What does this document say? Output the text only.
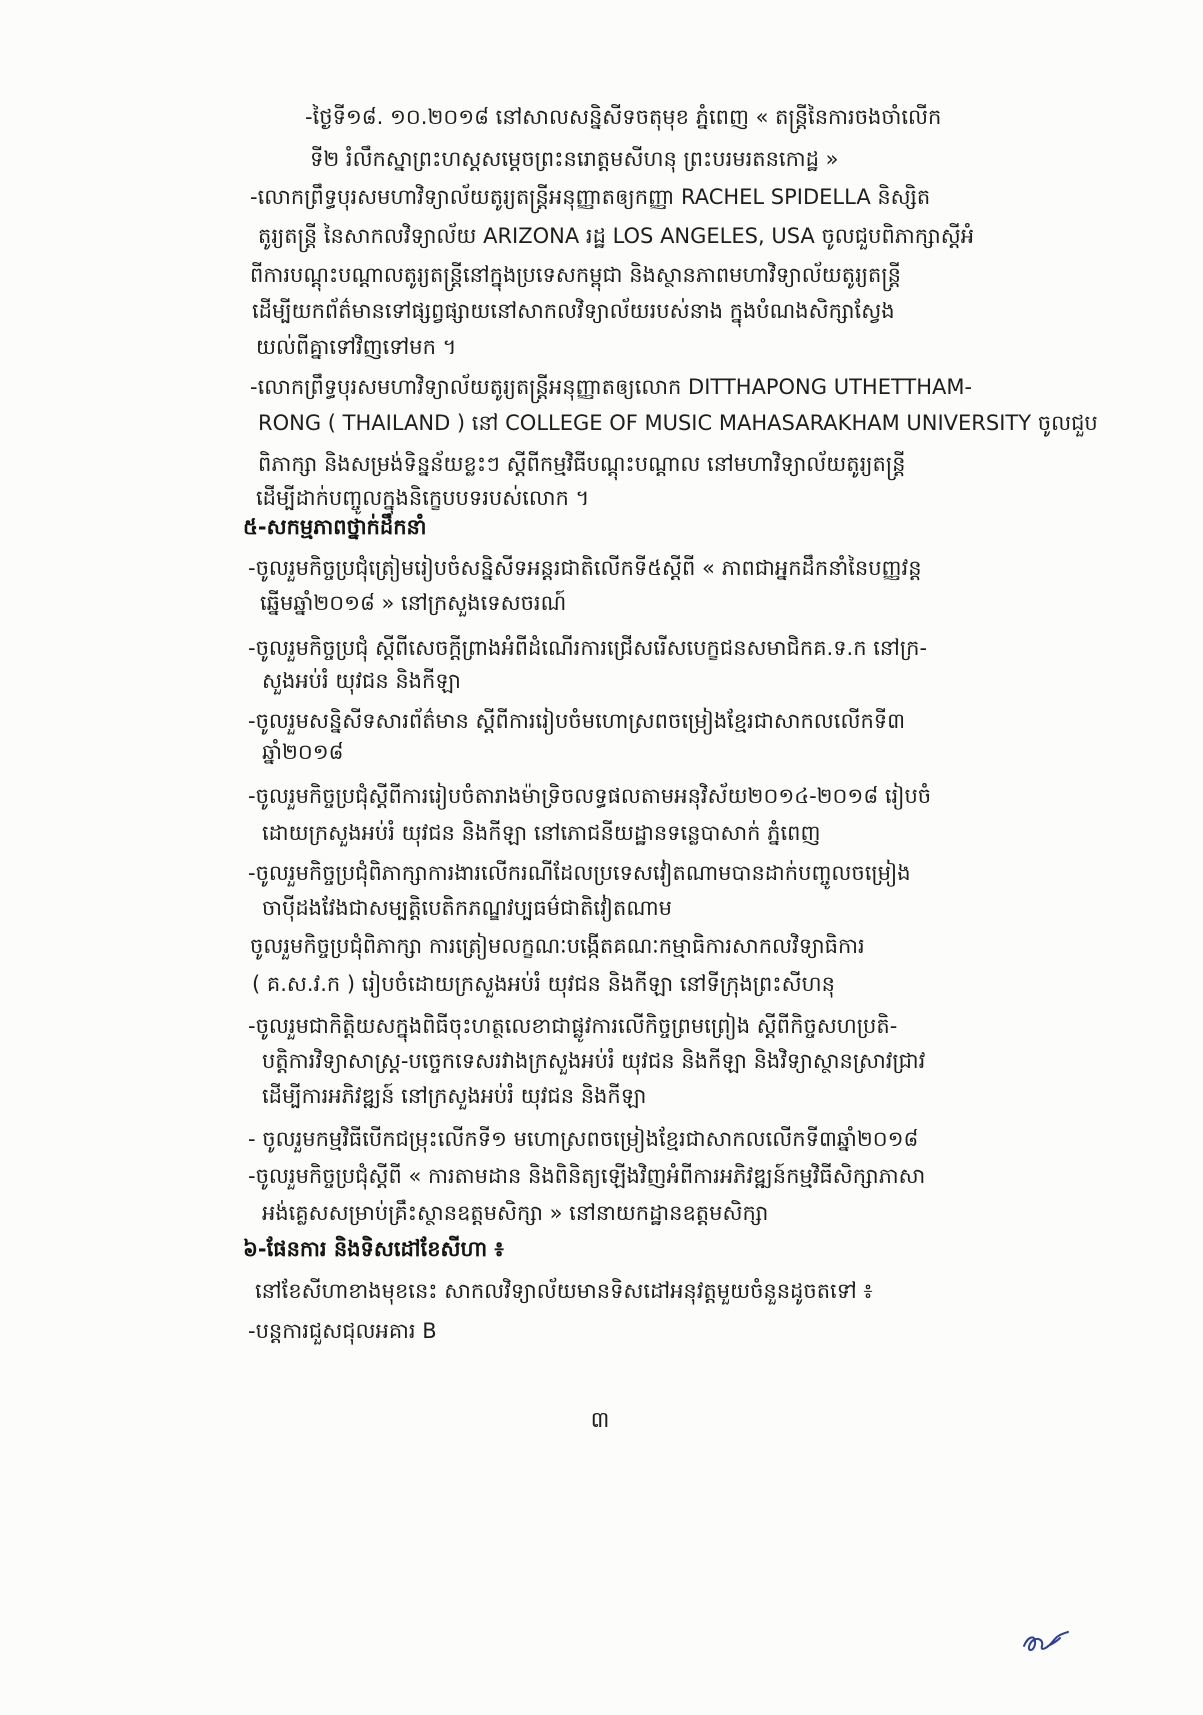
-ថ្ងៃទី១៨. ១០.២០១៨ នៅសាលសន្និសីទចតុមុខ ភ្នំពេញ « តន្ត្រីនៃការចងចាំលើក
ទី២ រំលឹកស្នាព្រះហស្តសម្តេចព្រះនរោត្តមសីហនុ ព្រះបរមរតនកោដ្ឋ »
-លោកព្រឹទ្ធបុរសមហាវិទ្យាល័យតូរ្យតន្ត្រីអនុញ្ញាតឲ្យកញ្ញា RACHEL SPIDELLA និស្សិត
តូរ្យតន្ត្រី នៃសាកលវិទ្យាល័យ ARIZONA រដ្ឋ LOS ANGELES, USA ចូលជួបពិភាក្សាស្តីអំ
ពីការបណ្តុះបណ្តាលតូរ្យតន្ត្រីនៅក្នុងប្រទេសកម្ពុជា និងស្ថានភាពមហាវិទ្យាល័យតូរ្យតន្ត្រី
ដើម្បីយកព័ត៌មានទៅផ្សព្វផ្សាយនៅសាកលវិទ្យាល័យរបស់នាង ក្នុងបំណងសិក្សាស្វែង
យល់ពីគ្នាទៅវិញទៅមក ។
-លោកព្រឹទ្ធបុរសមហាវិទ្យាល័យតូរ្យតន្ត្រីអនុញ្ញាតឲ្យលោក DITTHAPONG UTHETTHAM-
RONG ( THAILAND ) នៅ COLLEGE OF MUSIC MAHASARAKHAM UNIVERSITY ចូលជួប
ពិភាក្សា និងសម្រង់ទិន្នន័យខ្លះៗ ស្តីពីកម្មវិធីបណ្តុះបណ្តាល នៅមហាវិទ្យាល័យតូរ្យតន្ត្រី
ដើម្បីដាក់បញ្ចូលក្នុងនិក្ខេបបទរបស់លោក ។
៥-សកម្មភាពថ្នាក់ដឹកនាំ
-ចូលរួមកិច្ចប្រជុំត្រៀមរៀបចំសន្និសីទអន្តរជាតិលើកទី៥ស្តីពី « ភាពជាអ្នកដឹកនាំនៃបញ្ញវន្ត
ឆ្នើមឆ្នាំ២០១៨ » នៅក្រសួងទេសចរណ៍
-ចូលរួមកិច្ចប្រជុំ ស្តីពីសេចក្តីព្រាងអំពីដំណើរការជ្រើសរើសបេក្ខជនសមាជិកគ.ទ.ក នៅក្រ-
សួងអប់រំ យុវជន និងកីឡា
-ចូលរួមសន្និសីទសារព័ត៌មាន ស្តីពីការរៀបចំមហោស្រពចម្រៀងខ្មែរជាសាកលលើកទី៣
ឆ្នាំ២០១៨
-ចូលរួមកិច្ចប្រជុំស្តីពីការរៀបចំតារាងម៉ាទ្រិចលទ្ធផលតាមអនុវិស័យ២០១៤-២០១៨ រៀបចំ
ដោយក្រសួងអប់រំ យុវជន និងកីឡា នៅភោជនីយដ្ឋានទន្លេបាសាក់ ភ្នំពេញ
-ចូលរួមកិច្ចប្រជុំពិភាក្សាការងារលើករណីដែលប្រទេសវៀតណាមបានដាក់បញ្ចូលចម្រៀង
ចាប៉ីដងវែងជាសម្បត្តិបេតិកភណ្ឌវប្បធម៌ជាតិវៀតណាម
ចូលរួមកិច្ចប្រជុំពិភាក្សា ការត្រៀមលក្ខណៈបង្កើតគណៈកម្មាធិការសាកលវិទ្យាធិការ
( គ.ស.វ.ក ) រៀបចំដោយក្រសួងអប់រំ យុវជន និងកីឡា នៅទីក្រុងព្រះសីហនុ
-ចូលរួមជាកិត្តិយសក្នុងពិធីចុះហត្ថលេខាជាផ្លូវការលើកិច្ចព្រមព្រៀង ស្តីពីកិច្ចសហប្រតិ-
បត្តិការវិទ្យាសាស្ត្រ-បច្ចេកទេសរវាងក្រសួងអប់រំ យុវជន និងកីឡា និងវិទ្យាស្ថានស្រាវជ្រាវ
ដើម្បីការអភិវឌ្ឍន៍ នៅក្រសួងអប់រំ យុវជន និងកីឡា
- ចូលរួមកម្មវិធីបើកជម្រុះលើកទី១ មហោស្រពចម្រៀងខ្មែរជាសាកលលើកទី៣ឆ្នាំ២០១៨
-ចូលរួមកិច្ចប្រជុំស្តីពី « ការតាមដាន និងពិនិត្យឡើងវិញអំពីការអភិវឌ្ឍន៍កម្មវិធីសិក្សាភាសា
អង់គ្លេសសម្រាប់គ្រឹះស្ថានឧត្តមសិក្សា » នៅនាយកដ្ឋានឧត្តមសិក្សា
៦-ផែនការ និងទិសដៅខែសីហា ៖
នៅខែសីហាខាងមុខនេះ សាកលវិទ្យាល័យមានទិសដៅអនុវត្តមួយចំនួនដូចតទៅ ៖
-បន្តការជួសជុលអគារ B
៣
